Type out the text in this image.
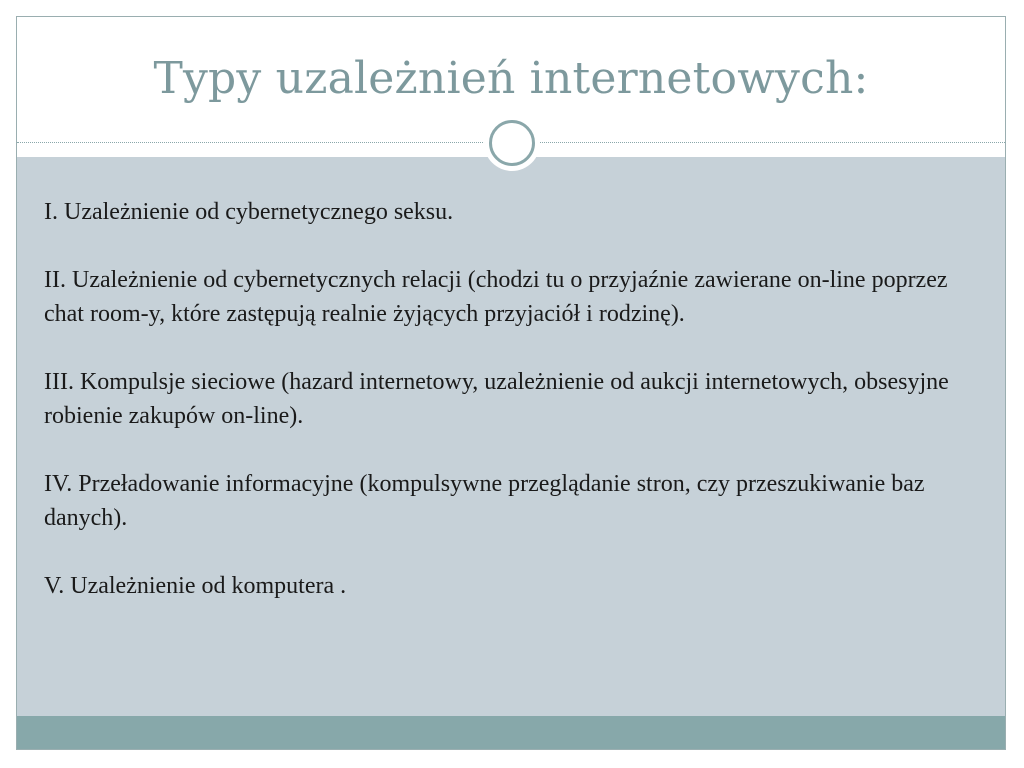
Typy uzależnień internetowych:

I. Uzależnienie od cybernetycznego seksu.

II. Uzależnienie od cybernetycznych relacji (chodzi tu o przyjaźnie zawierane on-line poprzez chat room-y, które zastępują realnie żyjących przyjaciół i rodzinę).

III. Kompulsje sieciowe (hazard internetowy, uzależnienie od aukcji internetowych, obsesyjne robienie zakupów on-line).

IV. Przeładowanie informacyjne (kompulsywne przeglądanie stron, czy przeszukiwanie baz danych).

V. Uzależnienie od komputera .
